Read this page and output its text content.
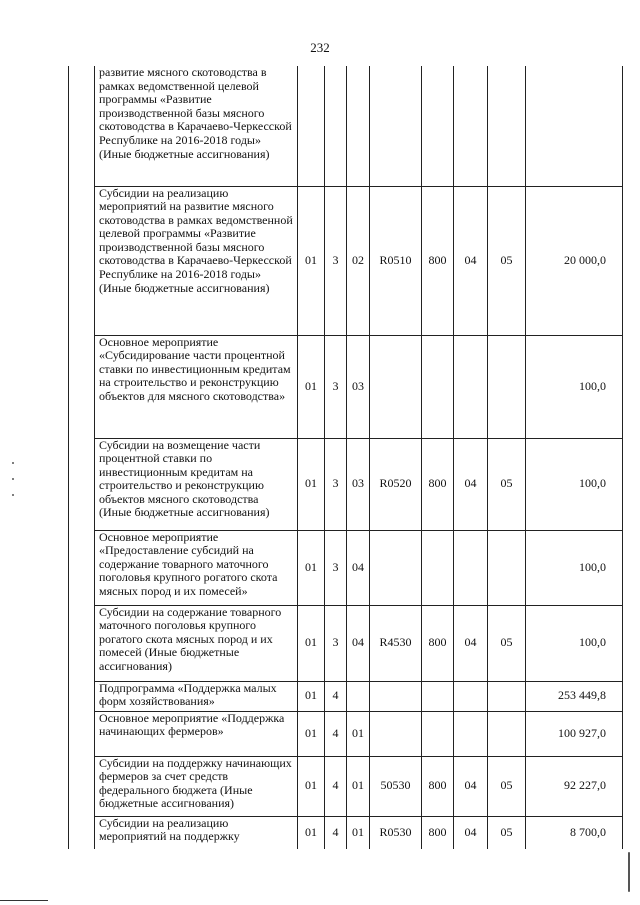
232
	развитие мясного скотоводства в рамках ведомственной целевой программы «Развитие производственной базы мясного скотоводства в Карачаево-Черкесской Республике на 2016-2018 годы» (Иные бюджетные ассигнования)								
	Субсидии на реализацию мероприятий на развитие мясного скотоводства в рамках ведомственной целевой программы «Развитие производственной базы мясного скотоводства в Карачаево-Черкесской Республике на 2016-2018 годы» (Иные бюджетные ассигнования)	01	3	02	R0510	800	04	05	20 000,0
	Основное мероприятие «Субсидирование части процентной ставки по инвестиционным кредитам на строительство и реконструкцию объектов для мясного скотоводства»	01	3	03					100,0
	Субсидии на возмещение части процентной ставки по инвестиционным кредитам на строительство и реконструкцию объектов мясного скотоводства (Иные бюджетные ассигнования)	01	3	03	R0520	800	04	05	100,0
	Основное мероприятие «Предоставление субсидий на содержание товарного маточного поголовья крупного рогатого скота мясных пород и их помесей»	01	3	04					100,0
	Субсидии на содержание товарного маточного поголовья крупного рогатого скота мясных пород и их помесей (Иные бюджетные ассигнования)	01	3	04	R4530	800	04	05	100,0
	Подпрограмма «Поддержка малых форм хозяйствования»	01	4						253 449,8
	Основное мероприятие «Поддержка начинающих фермеров»	01	4	01					100 927,0
	Субсидии на поддержку начинающих фермеров за счет средств федерального бюджета (Иные бюджетные ассигнования)	01	4	01	50530	800	04	05	92 227,0
	Субсидии на реализацию мероприятий на поддержку	01	4	01	R0530	800	04	05	8 700,0
